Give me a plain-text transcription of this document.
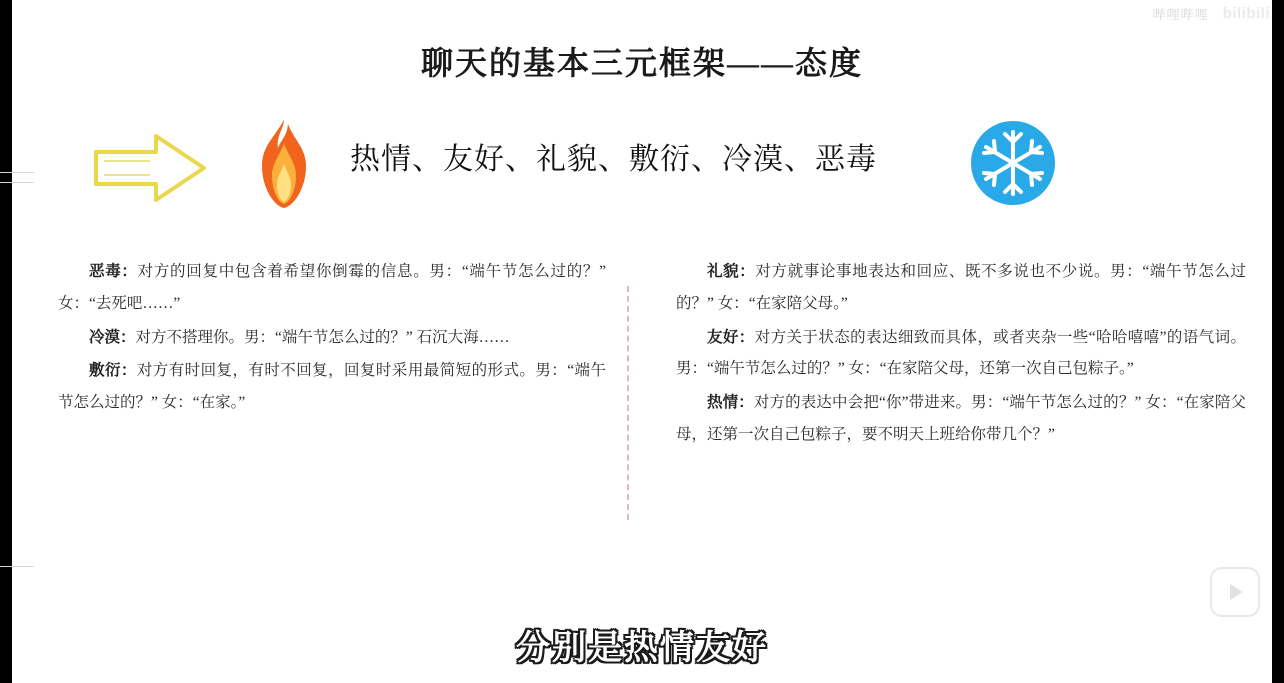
哔哩哔哩 bilibili
聊天的基本三元框架——态度
热情、友好、礼貌、敷衍、冷漠、恶毒

恶毒：对方的回复中包含着希望你倒霉的信息。男：“端午节怎么过的？” 女：“去死吧……”

冷漠：对方不搭理你。男：“端午节怎么过的？” 石沉大海……

敷衍：对方有时回复，有时不回复，回复时采用最简短的形式。男：“端午节怎么过的？” 女：“在家。”

礼貌：对方就事论事地表达和回应、既不多说也不少说。男：“端午节怎么过的？” 女：“在家陪父母。”

友好：对方关于状态的表达细致而具体，或者夹杂一些“哈哈嘻嘻”的语气词。男：“端午节怎么过的？” 女：“在家陪父母，还第一次自己包粽子。”

热情：对方的表达中会把“你”带进来。男：“端午节怎么过的？” 女：“在家陪父母，还第一次自己包粽子，要不明天上班给你带几个？”

分别是热情友好
